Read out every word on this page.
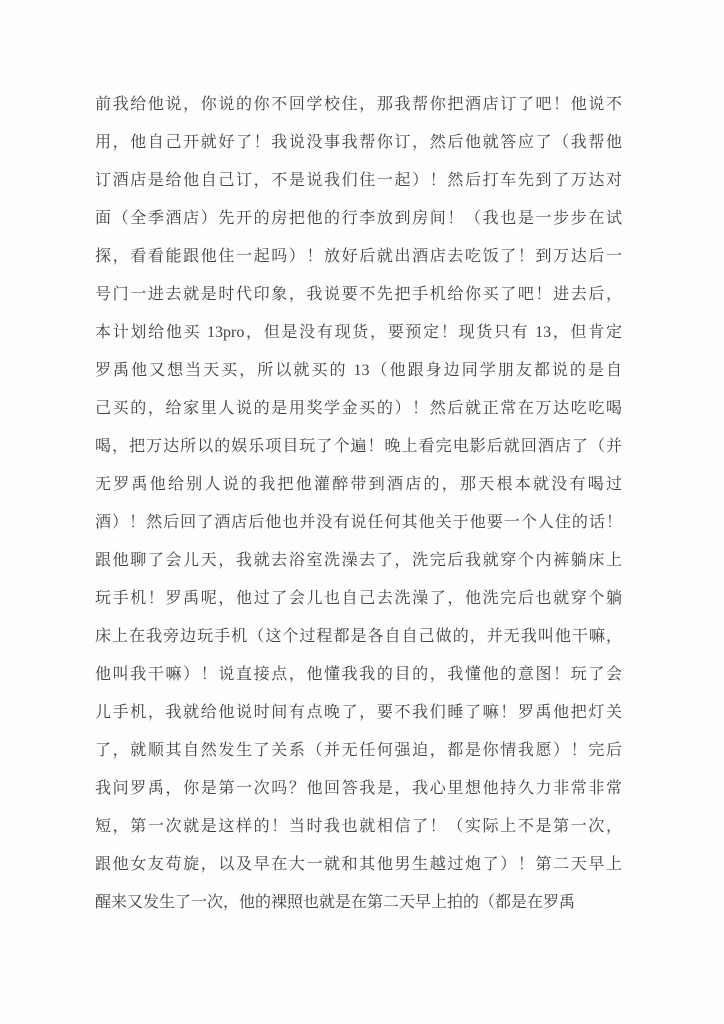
前我给他说，你说的你不回学校住，那我帮你把酒店订了吧！他说不
用，他自己开就好了！我说没事我帮你订，然后他就答应了（我帮他
订酒店是给他自己订，不是说我们住一起）！然后打车先到了万达对
面（全季酒店）先开的房把他的行李放到房间！（我也是一步步在试
探，看看能跟他住一起吗）！放好后就出酒店去吃饭了！到万达后一
号门一进去就是时代印象，我说要不先把手机给你买了吧！进去后，
本计划给他买 13pro，但是没有现货，要预定！现货只有 13，但肯定
罗禹他又想当天买，所以就买的 13（他跟身边同学朋友都说的是自
己买的，给家里人说的是用奖学金买的）！然后就正常在万达吃吃喝
喝，把万达所以的娱乐项目玩了个遍！晚上看完电影后就回酒店了（并
无罗禹他给别人说的我把他灌醉带到酒店的，那天根本就没有喝过
酒）！然后回了酒店后他也并没有说任何其他关于他要一个人住的话！
跟他聊了会儿天，我就去浴室洗澡去了，洗完后我就穿个内裤躺床上
玩手机！罗禹呢，他过了会儿也自己去洗澡了，他洗完后也就穿个躺
床上在我旁边玩手机（这个过程都是各自自己做的，并无我叫他干嘛，
他叫我干嘛）！说直接点，他懂我我的目的，我懂他的意图！玩了会
儿手机，我就给他说时间有点晚了，要不我们睡了嘛！罗禹他把灯关
了，就顺其自然发生了关系（并无任何强迫，都是你情我愿）！完后
我问罗禹，你是第一次吗？他回答我是，我心里想他持久力非常非常
短，第一次就是这样的！当时我也就相信了！（实际上不是第一次，
跟他女友苟旋，以及早在大一就和其他男生越过炮了）！第二天早上
醒来又发生了一次，他的裸照也就是在第二天早上拍的（都是在罗禹
